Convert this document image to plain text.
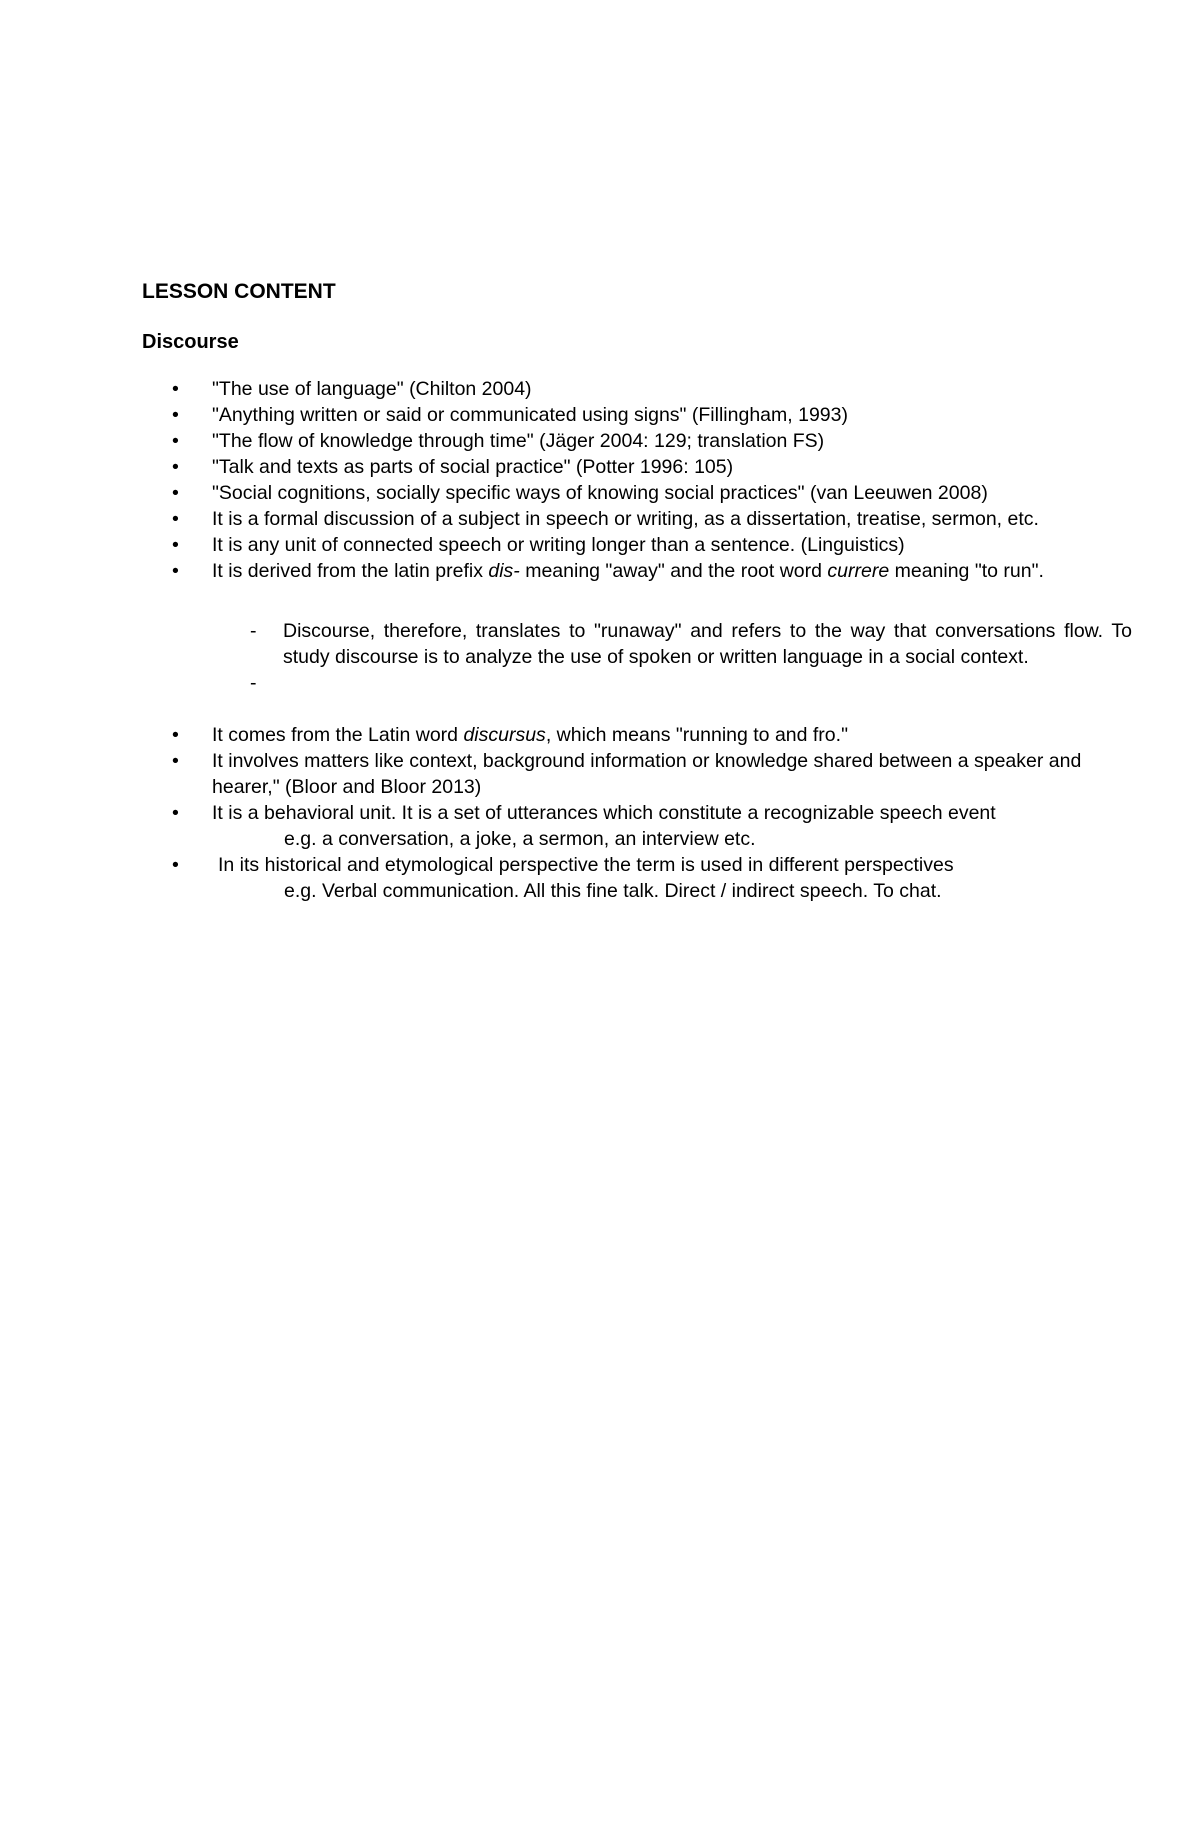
LESSON CONTENT
Discourse
• "The use of language" (Chilton 2004)
• "Anything written or said or communicated using signs" (Fillingham, 1993)
• "The flow of knowledge through time" (Jäger 2004: 129; translation FS)
• "Talk and texts as parts of social practice" (Potter 1996: 105)
• "Social cognitions, socially specific ways of knowing social practices" (van Leeuwen 2008)
• It is a formal discussion of a subject in speech or writing, as a dissertation, treatise, sermon, etc.
• It is any unit of connected speech or writing longer than a sentence. (Linguistics)
• It is derived from the latin prefix dis- meaning "away" and the root word currere meaning "to run".
- Discourse, therefore, translates to "runaway" and refers to the way that conversations flow. To study discourse is to analyze the use of spoken or written language in a social context.
-
• It comes from the Latin word discursus, which means "running to and fro."
• It involves matters like context, background information or knowledge shared between a speaker and hearer," (Bloor and Bloor 2013)
• It is a behavioral unit. It is a set of utterances which constitute a recognizable speech event
e.g. a conversation, a joke, a sermon, an interview etc.
• In its historical and etymological perspective the term is used in different perspectives
e.g. Verbal communication. All this fine talk. Direct / indirect speech. To chat.
